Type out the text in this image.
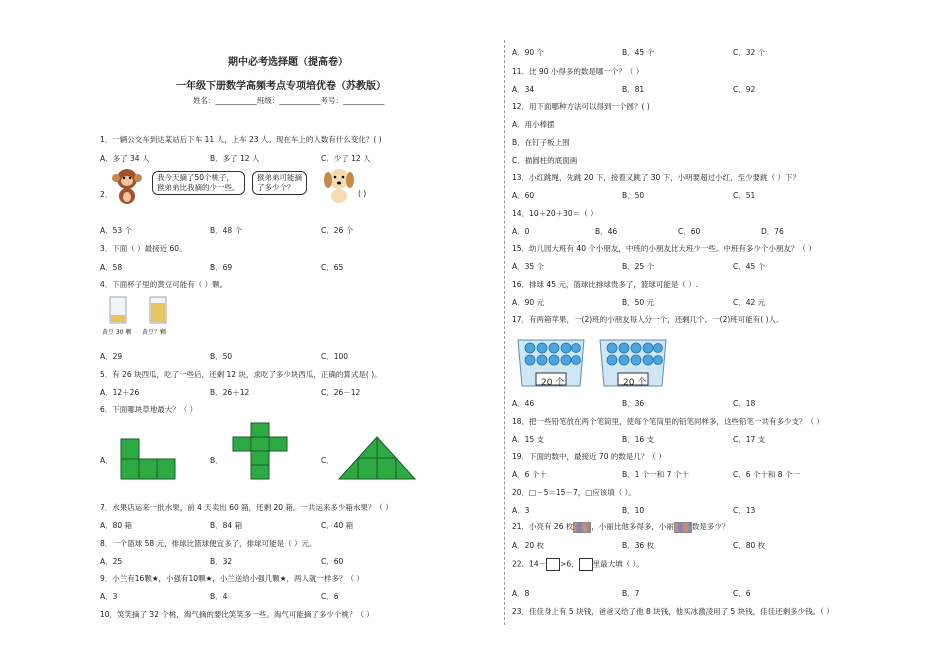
期中必考选择题（提高卷）
一年级下册数学高频考点专项培优卷（苏教版）
姓名：___________班级：___________考号：___________
1．一辆公交车到达某站后下车 11 人，上车 23 人。现在车上的人数有什么变化？( )
A．多了 34 人	B．多了 12 人	C．少了 12 人
2．
我今天摘了50个桃子，
猴弟弟比我摘的少一些。
猴弟弟可能摘
了多少个？
( )
A．53 个	B．48 个	C．26 个
3．下面（ ）最接近 60。
A．58	B．69	C．65
4．下面杯子里的黄豆可能有（ ）颗。
黄豆 30 颗 黄豆？颗
A．29	B．50	C．100
5．有 26 块西瓜，吃了一些后，还剩 12 块，求吃了多少块西瓜，正确的算式是( )。
A．12＋26	B．26＋12	C．26－12
6．下面哪块草地最大？（ ）
A．	B．	C．
7．水果店运来一批水果，前 4 天卖出 60 箱，还剩 20 箱。一共运来多少箱水果？（ ）
A．80 箱	B．84 箱	C．40 箱
8．一个篮球 58 元，排球比篮球便宜多了，排球可能是（ ）元。
A．25	B．32	C．60
9．小兰有16颗★，小强有10颗★，小兰送给小强几颗★，两人就一样多？（ ）
A．3	B．4	C．6
10．笑笑摘了 32 个桃，淘气摘的要比笑笑多一些。淘气可能摘了多少个桃？（ ）
A．90 个	B．45 个	C．32 个
11．比 90 小得多的数是哪一个？（ ）
A．34	B．81	C．92
12．用下面哪种方法可以得到一个圆？( )
A．用小棒摆
B．在钉子板上围
C．描圆柱的底面画
13．小红跳绳，先跳 20 下，接着又跳了 30 下，小明要超过小红，至少要跳（ ）下？
A．60	B．50	C．51
14．10＋20＋30＝（ ）
A．0	B．46	C．60	D．76
15．幼儿园大班有 40 个小朋友，中班的小朋友比大班少一些。中班有多少个小朋友？（ ）
A．35 个	B．25 个	C．45 个
16．排球 45 元，篮球比排球贵多了，篮球可能是（ ）.
A．90 元	B．50 元	C．42 元
17．有两箱苹果，一(2)班的小朋友每人分一个，还剩几个。一(2)班可能有( )人。
20 个	20 个
A．46	B．36	C．18
18．把一些铅笔放在两个笔筒里，使每个笔筒里的铅笔同样多，这些铅笔一共有多少支？（ ）
A．15 支	B．16 支	C．17 支
19．下面的数中，最接近 70 的数是几？（ ）
A．6 个十	B．1 个一和 7 个十	C．6 个十和 8 个一
20．□－5＝15－7，□应该填（ ）。
A．3	B．10	C．13
21．小亮有 26 枚 ，小丽比他多得多，小丽 数是多少？
A．20 枚	B．36 枚	C．80 枚
22．14－ >6， 里最大填（ ）。
A．8	B．7	C．6
23．佳佳身上有 5 块钱，爸爸又给了他 8 块钱，他买冰激凌用了 5 块钱，佳佳还剩多少钱。（ ）
